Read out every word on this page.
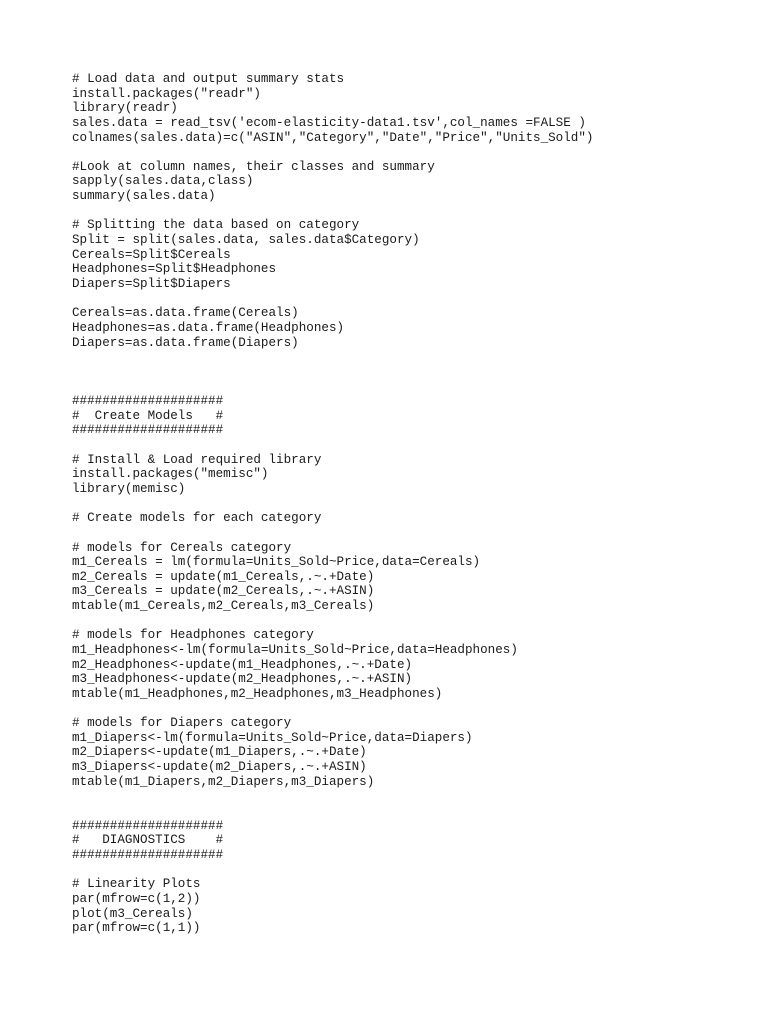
# Load data and output summary stats
install.packages("readr")
library(readr)
sales.data = read_tsv('ecom-elasticity-data1.tsv',col_names =FALSE )
colnames(sales.data)=c("ASIN","Category","Date","Price","Units_Sold")
#Look at column names, their classes and summary
sapply(sales.data,class)
summary(sales.data)
# Splitting the data based on category
Split = split(sales.data, sales.data$Category)
Cereals=Split$Cereals
Headphones=Split$Headphones
Diapers=Split$Diapers
Cereals=as.data.frame(Cereals)
Headphones=as.data.frame(Headphones)
Diapers=as.data.frame(Diapers)
####################
#  Create Models   #
####################
# Install & Load required library
install.packages("memisc")
library(memisc)
# Create models for each category
# models for Cereals category
m1_Cereals = lm(formula=Units_Sold~Price,data=Cereals)
m2_Cereals = update(m1_Cereals,.~.+Date)
m3_Cereals = update(m2_Cereals,.~.+ASIN)
mtable(m1_Cereals,m2_Cereals,m3_Cereals)
# models for Headphones category
m1_Headphones<-lm(formula=Units_Sold~Price,data=Headphones)
m2_Headphones<-update(m1_Headphones,.~.+Date)
m3_Headphones<-update(m2_Headphones,.~.+ASIN)
mtable(m1_Headphones,m2_Headphones,m3_Headphones)
# models for Diapers category
m1_Diapers<-lm(formula=Units_Sold~Price,data=Diapers)
m2_Diapers<-update(m1_Diapers,.~.+Date)
m3_Diapers<-update(m2_Diapers,.~.+ASIN)
mtable(m1_Diapers,m2_Diapers,m3_Diapers)
####################
#   DIAGNOSTICS    #
####################
# Linearity Plots
par(mfrow=c(1,2))
plot(m3_Cereals)
par(mfrow=c(1,1))
